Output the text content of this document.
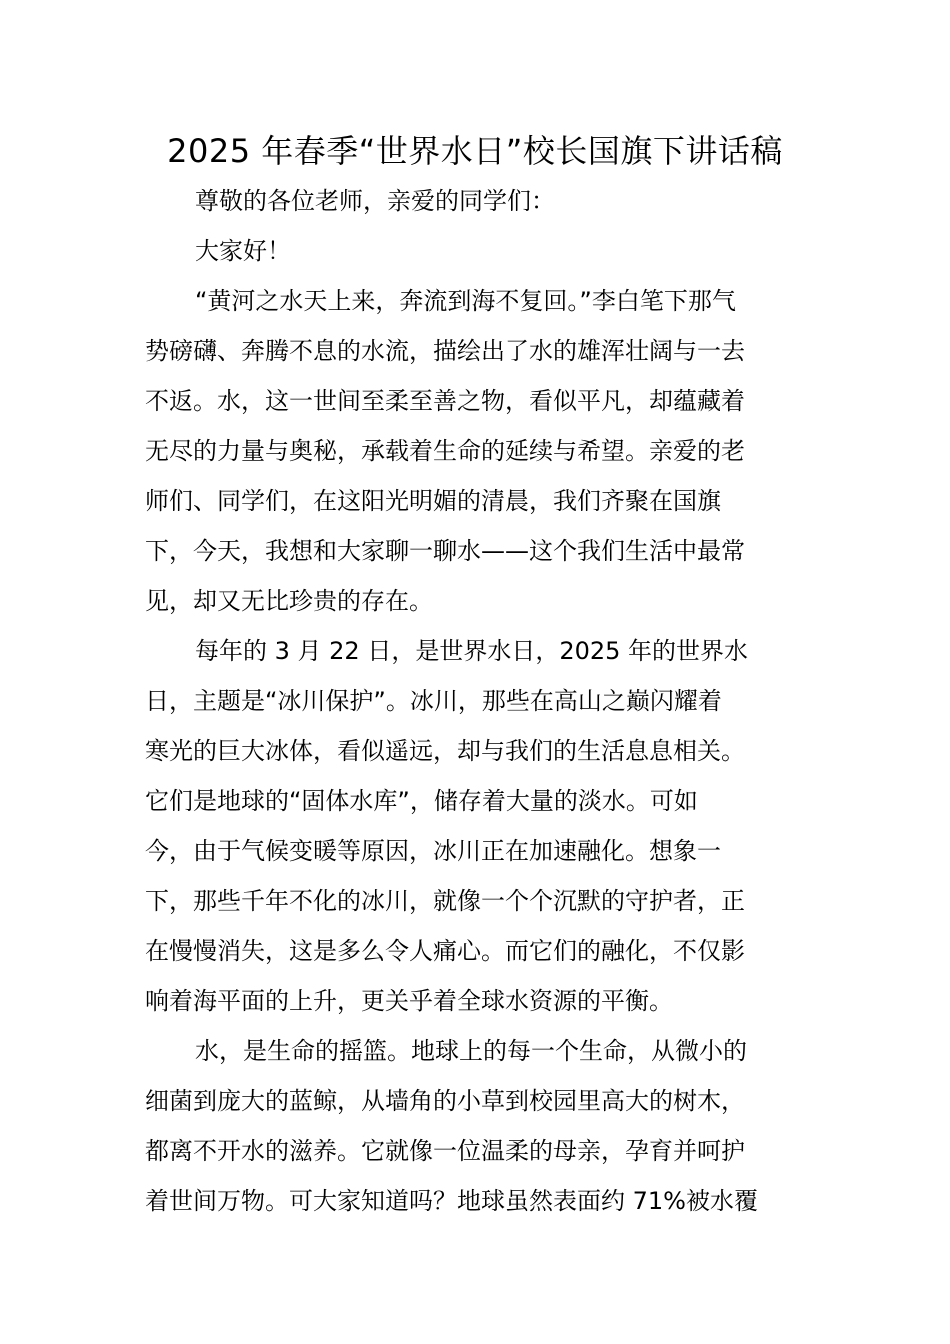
2025 年春季“世界水日”校长国旗下讲话稿
尊敬的各位老师，亲爱的同学们：
大家好！
“黄河之水天上来，奔流到海不复回。”李白笔下那气
势磅礴、奔腾不息的水流，描绘出了水的雄浑壮阔与一去
不返。水，这一世间至柔至善之物，看似平凡，却蕴藏着
无尽的力量与奥秘，承载着生命的延续与希望。亲爱的老
师们、同学们，在这阳光明媚的清晨，我们齐聚在国旗
下，今天，我想和大家聊一聊水——这个我们生活中最常
见，却又无比珍贵的存在。
每年的 3 月 22 日，是世界水日，2025 年的世界水
日，主题是“冰川保护”。冰川，那些在高山之巅闪耀着
寒光的巨大冰体，看似遥远，却与我们的生活息息相关。
它们是地球的“固体水库”，储存着大量的淡水。可如
今，由于气候变暖等原因，冰川正在加速融化。想象一
下，那些千年不化的冰川，就像一个个沉默的守护者，正
在慢慢消失，这是多么令人痛心。而它们的融化，不仅影
响着海平面的上升，更关乎着全球水资源的平衡。
水，是生命的摇篮。地球上的每一个生命，从微小的
细菌到庞大的蓝鲸，从墙角的小草到校园里高大的树木，
都离不开水的滋养。它就像一位温柔的母亲，孕育并呵护
着世间万物。可大家知道吗？地球虽然表面约 71%被水覆
